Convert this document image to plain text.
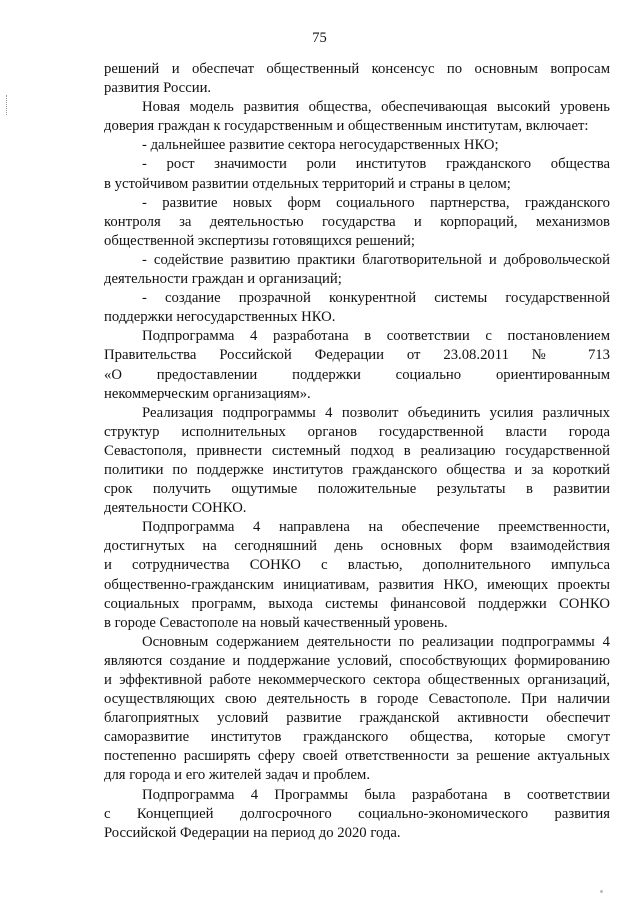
75
решений и обеспечат общественный консенсус по основным вопросам
развития России.
Новая модель развития общества, обеспечивающая высокий уровень
доверия граждан к государственным и общественным институтам, включает:
- дальнейшее развитие сектора негосударственных НКО;
- рост значимости роли институтов гражданского общества
в устойчивом развитии отдельных территорий и страны в целом;
- развитие новых форм социального партнерства, гражданского
контроля за деятельностью государства и корпораций, механизмов
общественной экспертизы готовящихся решений;
- содействие развитию практики благотворительной и добровольческой
деятельности граждан и организаций;
- создание прозрачной конкурентной системы государственной
поддержки негосударственных НКО.
Подпрограмма 4 разработана в соответствии с постановлением
Правительства Российской Федерации от 23.08.2011 № 713
«О предоставлении поддержки социально ориентированным
некоммерческим организациям».
Реализация подпрограммы 4 позволит объединить усилия различных
структур исполнительных органов государственной власти города
Севастополя, привнести системный подход в реализацию государственной
политики по поддержке институтов гражданского общества и за короткий
срок получить ощутимые положительные результаты в развитии
деятельности СОНКО.
Подпрограмма 4 направлена на обеспечение преемственности,
достигнутых на сегодняшний день основных форм взаимодействия
и сотрудничества СОНКО с властью, дополнительного импульса
общественно-гражданским инициативам, развития НКО, имеющих проекты
социальных программ, выхода системы финансовой поддержки СОНКО
в городе Севастополе на новый качественный уровень.
Основным содержанием деятельности по реализации подпрограммы 4
являются создание и поддержание условий, способствующих формированию
и эффективной работе некоммерческого сектора общественных организаций,
осуществляющих свою деятельность в городе Севастополе. При наличии
благоприятных условий развитие гражданской активности обеспечит
саморазвитие институтов гражданского общества, которые смогут
постепенно расширять сферу своей ответственности за решение актуальных
для города и его жителей задач и проблем.
Подпрограмма 4 Программы была разработана в соответствии
с Концепцией долгосрочного социально-экономического развития
Российской Федерации на период до 2020 года.
